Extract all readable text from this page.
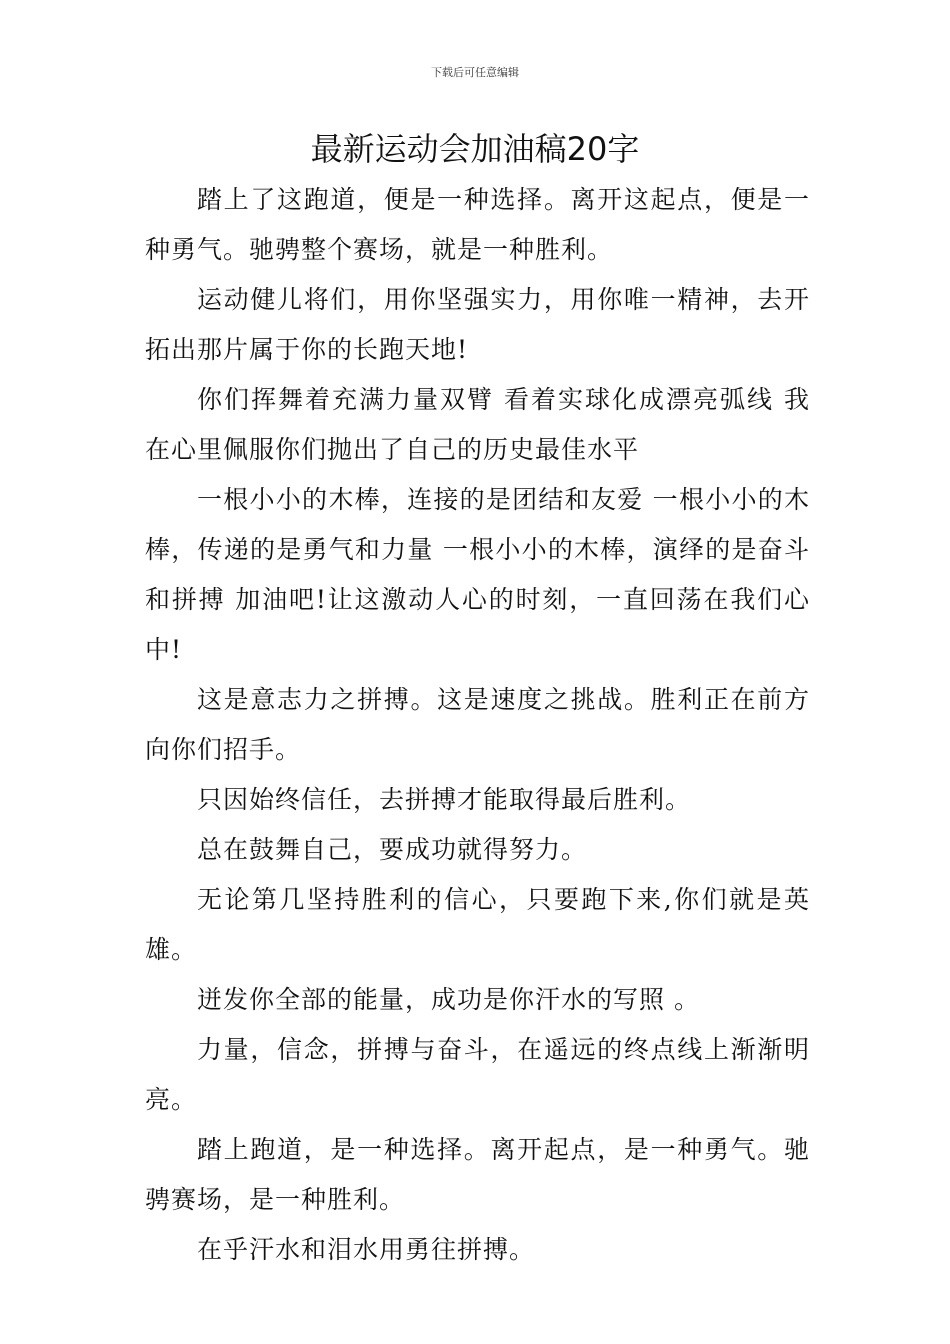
下载后可任意编辑
最新运动会加油稿20字

踏上了这跑道，便是一种选择。离开这起点，便是一种勇气。驰骋整个赛场，就是一种胜利。

运动健儿将们，用你坚强实力，用你唯一精神，去开拓出那片属于你的长跑天地!

你们挥舞着充满力量双臂 看着实球化成漂亮弧线 我在心里佩服你们抛出了自己的历史最佳水平

一根小小的木棒，连接的是团结和友爱 一根小小的木棒，传递的是勇气和力量 一根小小的木棒，演绎的是奋斗和拼搏 加油吧!让这激动人心的时刻，一直回荡在我们心中!

这是意志力之拼搏。这是速度之挑战。胜利正在前方向你们招手。

只因始终信任，去拼搏才能取得最后胜利。

总在鼓舞自己，要成功就得努力。

无论第几坚持胜利的信心，只要跑下来,你们就是英雄。

迸发你全部的能量，成功是你汗水的写照 。

力量，信念，拼搏与奋斗，在遥远的终点线上渐渐明亮。

踏上跑道，是一种选择。离开起点，是一种勇气。驰骋赛场，是一种胜利。

在乎汗水和泪水用勇往拼搏。
